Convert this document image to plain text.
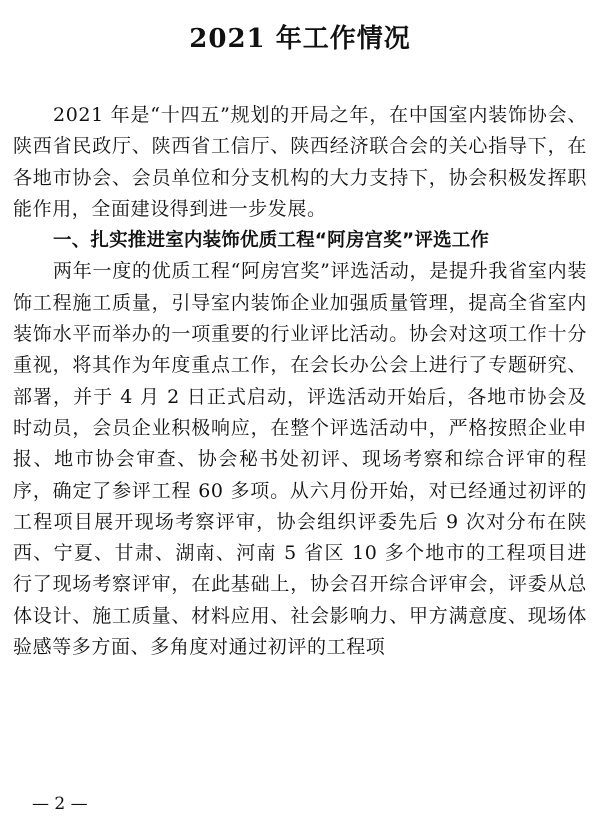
2021 年工作情况

2021 年是“十四五”规划的开局之年，在中国室内装饰协会、陕西省民政厅、陕西省工信厅、陕西经济联合会的关心指导下，在各地市协会、会员单位和分支机构的大力支持下，协会积极发挥职能作用，全面建设得到进一步发展。

一、扎实推进室内装饰优质工程“阿房宫奖”评选工作

两年一度的优质工程“阿房宫奖”评选活动，是提升我省室内装饰工程施工质量，引导室内装饰企业加强质量管理，提高全省室内装饰水平而举办的一项重要的行业评比活动。协会对这项工作十分重视，将其作为年度重点工作，在会长办公会上进行了专题研究、部署，并于 4 月 2 日正式启动，评选活动开始后，各地市协会及时动员，会员企业积极响应，在整个评选活动中，严格按照企业申报、地市协会审查、协会秘书处初评、现场考察和综合评审的程序，确定了参评工程 60 多项。从六月份开始，对已经通过初评的工程项目展开现场考察评审，协会组织评委先后 9 次对分布在陕西、宁夏、甘肃、湖南、河南 5 省区 10 多个地市的工程项目进行了现场考察评审，在此基础上，协会召开综合评审会，评委从总体设计、施工质量、材料应用、社会影响力、甲方满意度、现场体验感等多方面、多角度对通过初评的工程项

— 2 —
